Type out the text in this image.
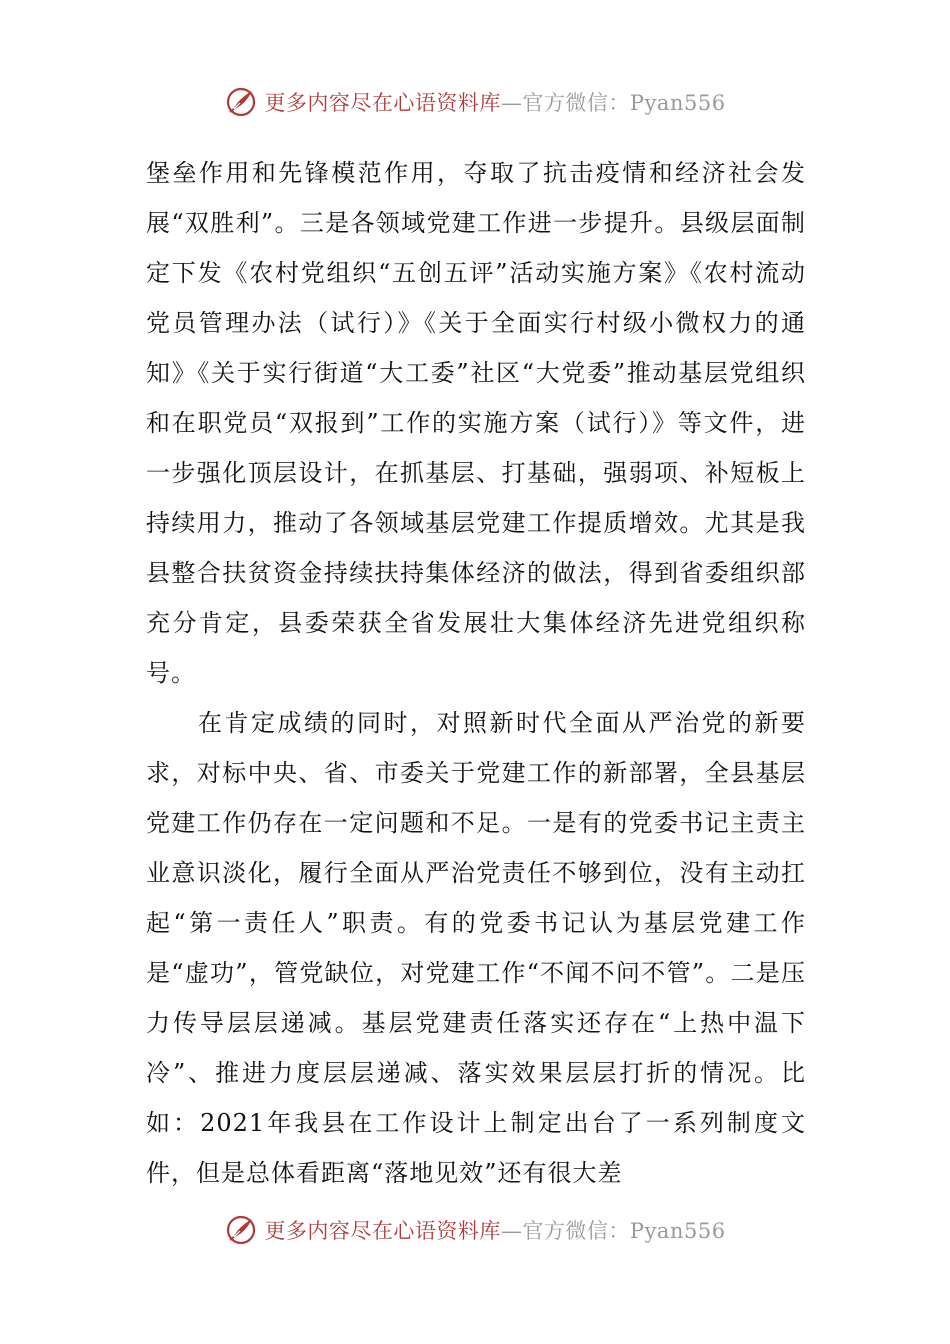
更多内容尽在心语资料库—官方微信：Pyan556

堡垒作用和先锋模范作用，夺取了抗击疫情和经济社会发展“双胜利”。三是各领域党建工作进一步提升。县级层面制定下发《农村党组织“五创五评”活动实施方案》《农村流动党员管理办法（试行）》《关于全面实行村级小微权力的通知》《关于实行街道“大工委”社区“大党委”推动基层党组织和在职党员“双报到”工作的实施方案（试行）》等文件，进一步强化顶层设计，在抓基层、打基础，强弱项、补短板上持续用力，推动了各领域基层党建工作提质增效。尤其是我县整合扶贫资金持续扶持集体经济的做法，得到省委组织部充分肯定，县委荣获全省发展壮大集体经济先进党组织称号。

在肯定成绩的同时，对照新时代全面从严治党的新要求，对标中央、省、市委关于党建工作的新部署，全县基层党建工作仍存在一定问题和不足。一是有的党委书记主责主业意识淡化，履行全面从严治党责任不够到位，没有主动扛起“第一责任人”职责。有的党委书记认为基层党建工作是“虚功”，管党缺位，对党建工作“不闻不问不管”。二是压力传导层层递减。基层党建责任落实还存在“上热中温下冷”、推进力度层层递减、落实效果层层打折的情况。比如：2021年我县在工作设计上制定出台了一系列制度文件，但是总体看距离“落地见效”还有很大差

更多内容尽在心语资料库—官方微信：Pyan556
